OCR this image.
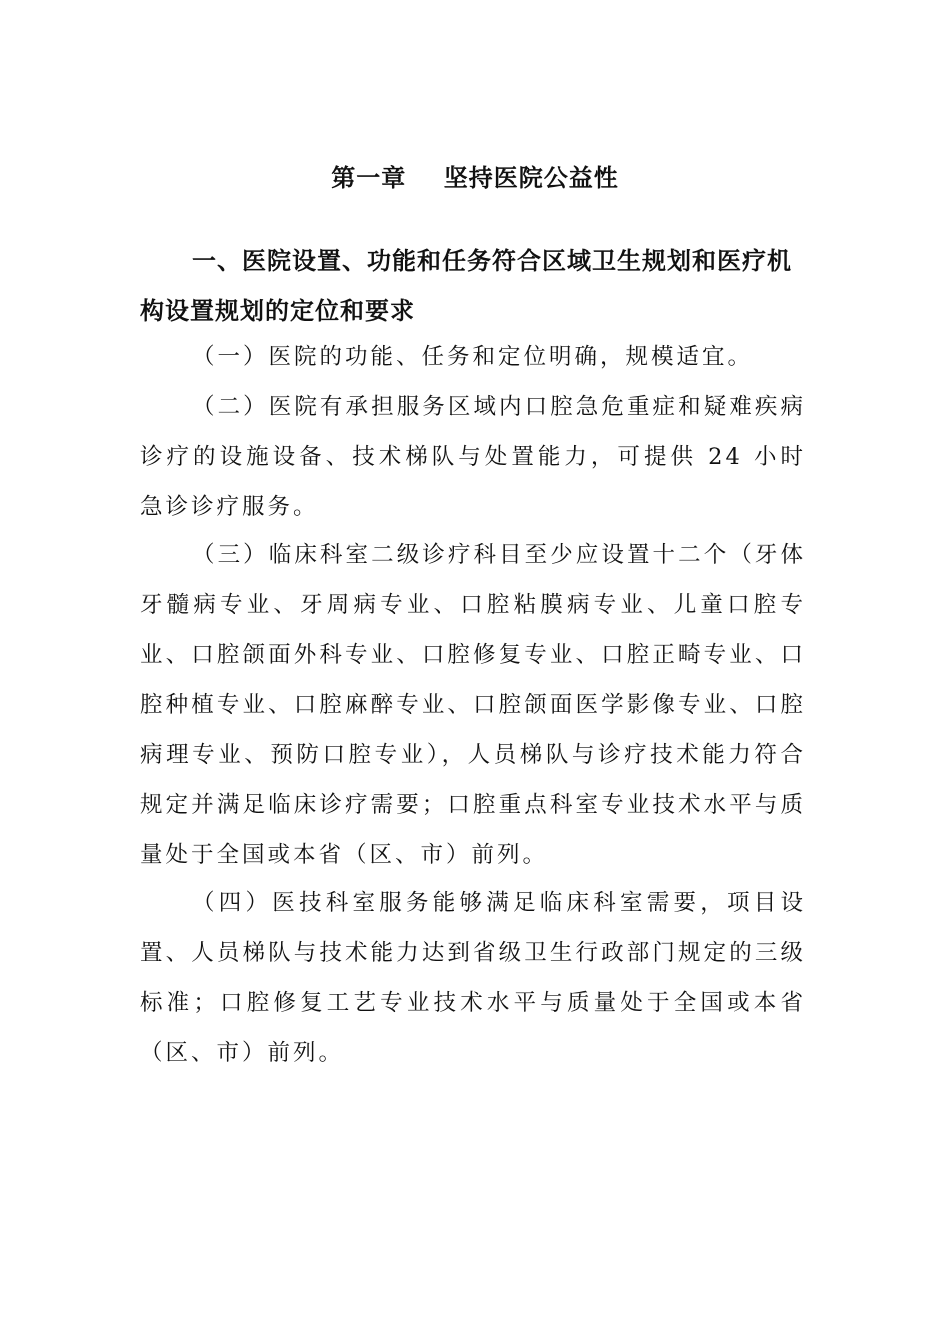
第一章    坚持医院公益性
一、医院设置、功能和任务符合区域卫生规划和医疗机构设置规划的定位和要求
（一）医院的功能、任务和定位明确，规模适宜。
（二）医院有承担服务区域内口腔急危重症和疑难疾病诊疗的设施设备、技术梯队与处置能力，可提供 24 小时急诊诊疗服务。
（三）临床科室二级诊疗科目至少应设置十二个（牙体牙髓病专业、牙周病专业、口腔粘膜病专业、儿童口腔专业、口腔颌面外科专业、口腔修复专业、口腔正畸专业、口腔种植专业、口腔麻醉专业、口腔颌面医学影像专业、口腔病理专业、预防口腔专业），人员梯队与诊疗技术能力符合规定并满足临床诊疗需要；口腔重点科室专业技术水平与质量处于全国或本省（区、市）前列。
（四）医技科室服务能够满足临床科室需要，项目设置、人员梯队与技术能力达到省级卫生行政部门规定的三级标准；口腔修复工艺专业技术水平与质量处于全国或本省（区、市）前列。
